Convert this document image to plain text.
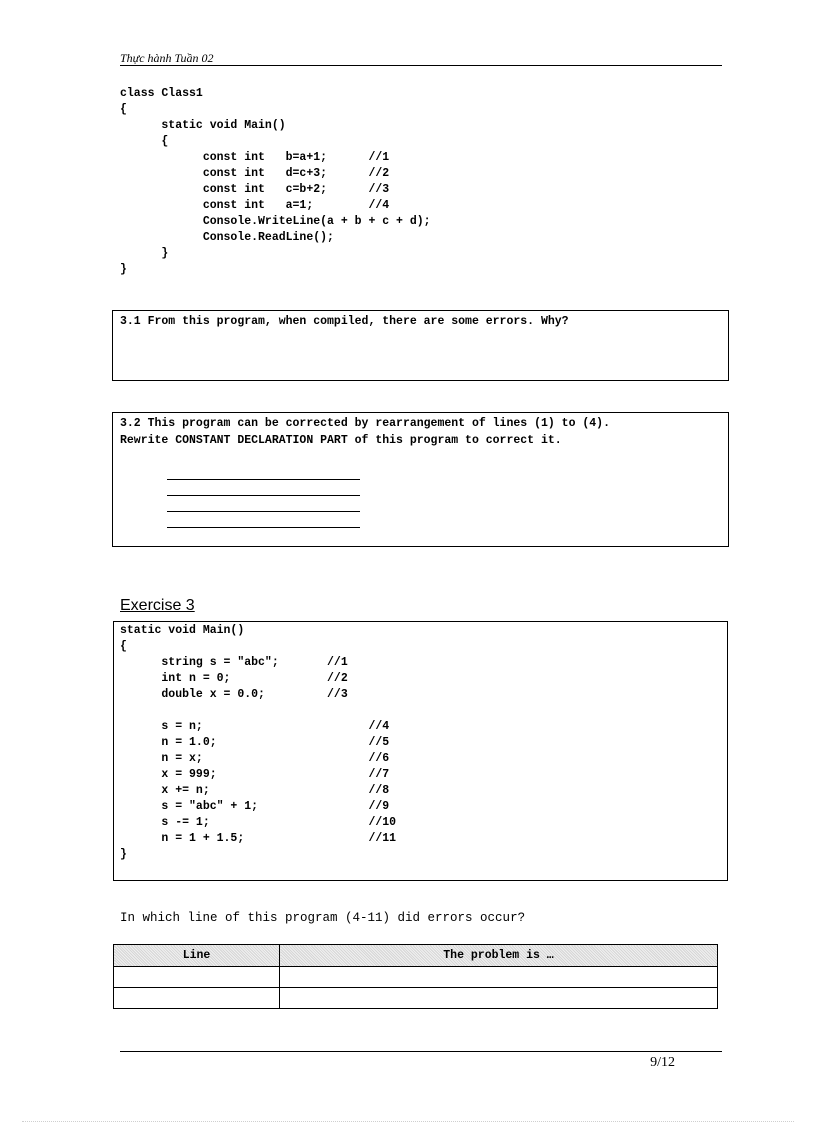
Thực hành Tuần 02

class Class1

{

static void Main()

{

const int   b=a+1;      //1

const int   d=c+3;      //2

const int   c=b+2;      //3

const int   a=1;        //4

Console.WriteLine(a + b + c + d);

Console.ReadLine();

}

}

3.1 From this program, when compiled, there are some errors. Why?
3.2 This program can be corrected by rearrangement of lines (1) to (4).
Rewrite CONSTANT DECLARATION PART of this program to correct it.
Exercise 3

static void Main()

{

string s = "abc";       //1

int n = 0;              //2

double x = 0.0;         //3

s = n;                        //4

n = 1.0;                      //5

n = x;                        //6

x = 999;                      //7

x += n;                       //8

s = "abc" + 1;                //9

s -= 1;                       //10

n = 1 + 1.5;                  //11

}

In which line of this program (4-11) did errors occur?
Line	The problem is …

9/12
